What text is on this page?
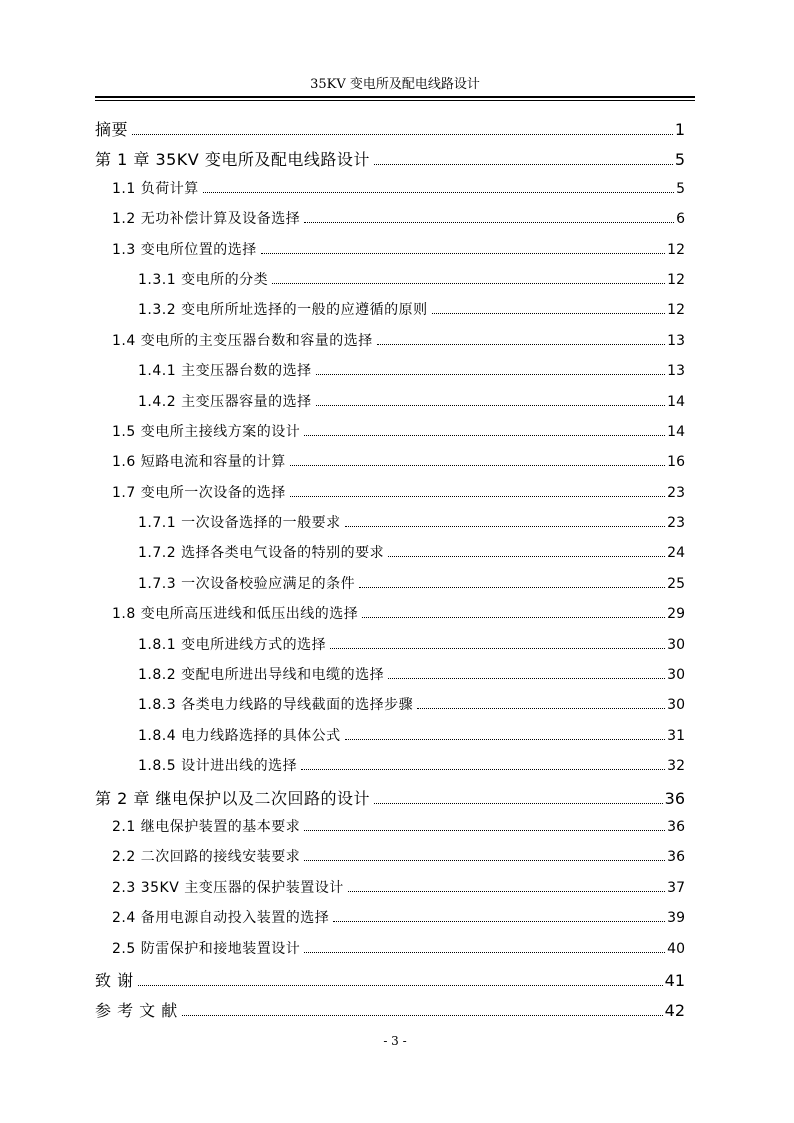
35KV 变电所及配电线路设计
摘要	1
第 1 章 35KV 变电所及配电线路设计	5
1.1 负荷计算	5
1.2 无功补偿计算及设备选择	6
1.3 变电所位置的选择	12
1.3.1 变电所的分类	12
1.3.2 变电所所址选择的一般的应遵循的原则	12
1.4 变电所的主变压器台数和容量的选择	13
1.4.1 主变压器台数的选择	13
1.4.2 主变压器容量的选择	14
1.5 变电所主接线方案的设计	14
1.6 短路电流和容量的计算	16
1.7 变电所一次设备的选择	23
1.7.1 一次设备选择的一般要求	23
1.7.2 选择各类电气设备的特别的要求	24
1.7.3 一次设备校验应满足的条件	25
1.8 变电所高压进线和低压出线的选择	29
1.8.1 变电所进线方式的选择	30
1.8.2 变配电所进出导线和电缆的选择	30
1.8.3 各类电力线路的导线截面的选择步骤	30
1.8.4 电力线路选择的具体公式	31
1.8.5 设计进出线的选择	32
第 2 章 继电保护以及二次回路的设计	36
2.1 继电保护装置的基本要求	36
2.2 二次回路的接线安装要求	36
2.3 35KV 主变压器的保护装置设计	37
2.4 备用电源自动投入装置的选择	39
2.5 防雷保护和接地装置设计	40
致 谢	41
参 考 文 献	42
- 3 -
